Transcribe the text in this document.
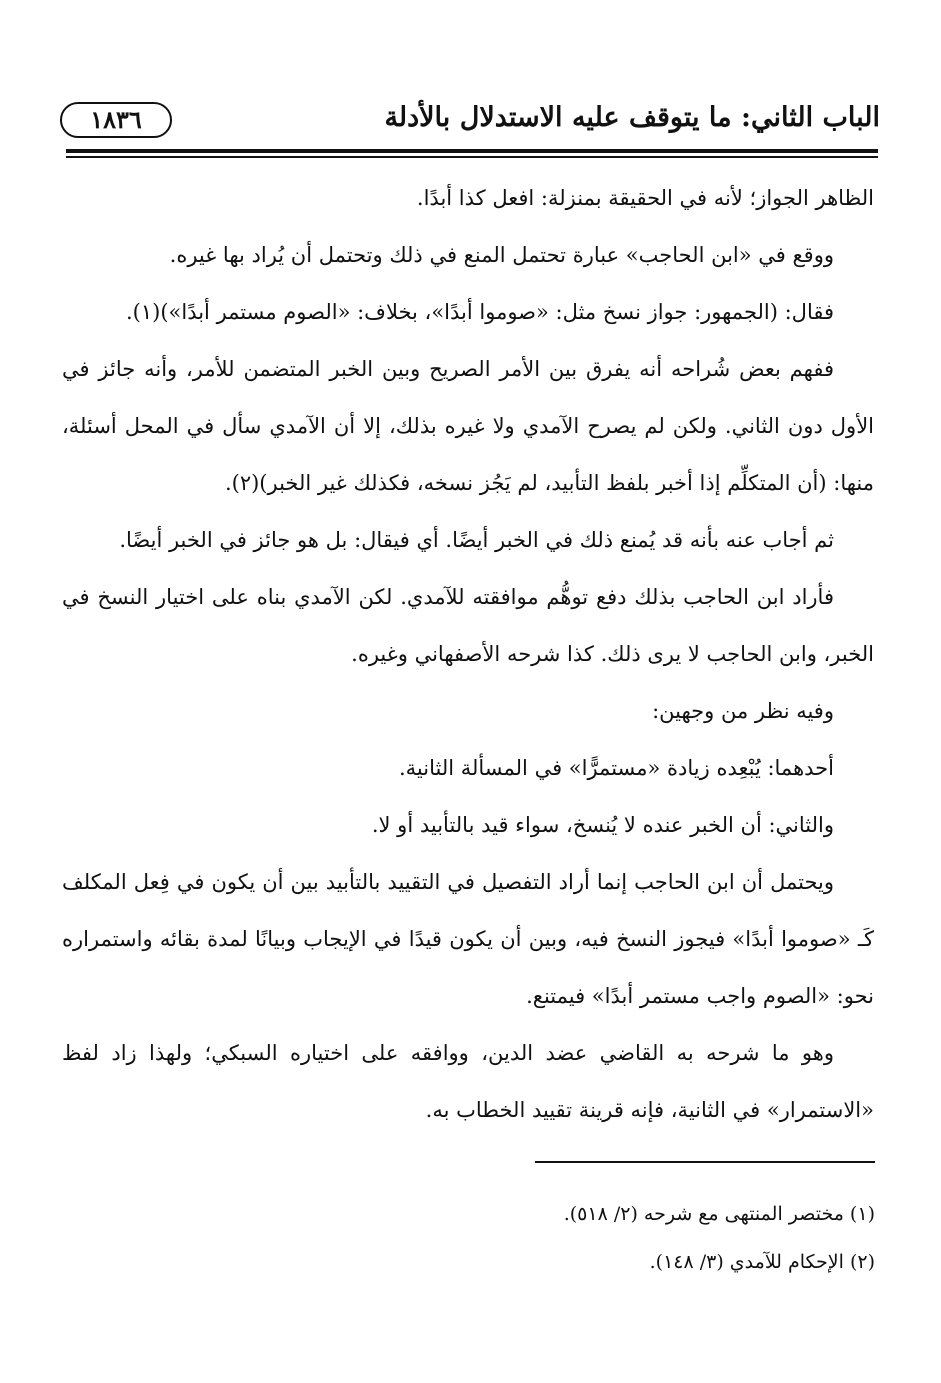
١٨٣٦	الباب الثاني: ما يتوقف عليه الاستدلال بالأدلة

الظاهر الجواز؛ لأنه في الحقيقة بمنزلة: افعل كذا أبدًا.

ووقع في «ابن الحاجب» عبارة تحتمل المنع في ذلك وتحتمل أن يُراد بها غيره.

فقال: (الجمهور: جواز نسخ مثل: «صوموا أبدًا»، بخلاف: «الصوم مستمر أبدًا»)(١).

ففهم بعض شُراحه أنه يفرق بين الأمر الصريح وبين الخبر المتضمن للأمر، وأنه جائز في الأول دون الثاني. ولكن لم يصرح الآمدي ولا غيره بذلك، إلا أن الآمدي سأل في المحل أسئلة، منها: (أن المتكلِّم إذا أخبر بلفظ التأبيد، لم يَجُز نسخه، فكذلك غير الخبر)(٢).

ثم أجاب عنه بأنه قد يُمنع ذلك في الخبر أيضًا. أي فيقال: بل هو جائز في الخبر أيضًا.

فأراد ابن الحاجب بذلك دفع توهُّم موافقته للآمدي. لكن الآمدي بناه على اختيار النسخ في الخبر، وابن الحاجب لا يرى ذلك. كذا شرحه الأصفهاني وغيره.

وفيه نظر من وجهين:

أحدهما: يُبْعِده زيادة «مستمرًّا» في المسألة الثانية.

والثاني: أن الخبر عنده لا يُنسخ، سواء قيد بالتأبيد أو لا.

ويحتمل أن ابن الحاجب إنما أراد التفصيل في التقييد بالتأبيد بين أن يكون في فِعل المكلف كَـ «صوموا أبدًا» فيجوز النسخ فيه، وبين أن يكون قيدًا في الإيجاب وبيانًا لمدة بقائه واستمراره نحو: «الصوم واجب مستمر أبدًا» فيمتنع.

وهو ما شرحه به القاضي عضد الدين، ووافقه على اختياره السبكي؛ ولهذا زاد لفظ «الاستمرار» في الثانية، فإنه قرينة تقييد الخطاب به.

(١) مختصر المنتهى مع شرحه (٢/ ٥١٨).
(٢) الإحكام للآمدي (٣/ ١٤٨).
